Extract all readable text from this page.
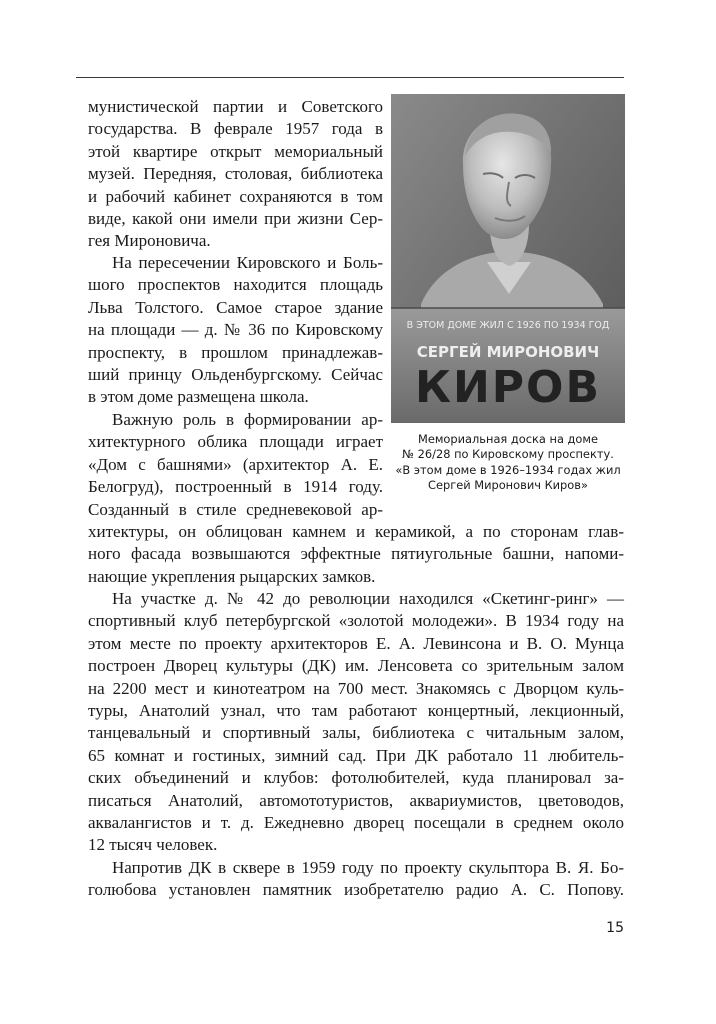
мунистической партии и Советского
государства. В феврале 1957 года в
этой квартире открыт мемориальный
музей. Передняя, столовая, библиотека
и рабочий кабинет сохраняются в том
виде, какой они имели при жизни Сер-
гея Мироновича.
На пересечении Кировского и Боль-
шого проспектов находится площадь
Льва Толстого. Самое старое здание
на площади — д. № 36 по Кировскому
проспекту, в прошлом принадлежав-
ший принцу Ольденбургскому. Сейчас
в этом доме размещена школа.
Важную роль в формировании ар-
хитектурного облика площади играет
«Дом с башнями» (архитектор А. Е.
Белогруд), построенный в 1914 году.
Созданный в стиле средневековой ар-
хитектуры, он облицован камнем и керамикой, а по сторонам глав-
ного фасада возвышаются эффектные пятиугольные башни, напоми-
нающие укрепления рыцарских замков.
На участке д. № 42 до революции находился «Скетинг-ринг» —
спортивный клуб петербургской «золотой молодежи». В 1934 году на
этом месте по проекту архитекторов Е. А. Левинсона и В. О. Мунца
построен Дворец культуры (ДК) им. Ленсовета со зрительным залом
на 2200 мест и кинотеатром на 700 мест. Знакомясь с Дворцом куль-
туры, Анатолий узнал, что там работают концертный, лекционный,
танцевальный и спортивный залы, библиотека с читальным залом,
65 комнат и гостиных, зимний сад. При ДК работало 11 любитель-
ских объединений и клубов: фотолюбителей, куда планировал за-
писаться Анатолий, автомототуристов, аквариумистов, цветоводов,
аквалангистов и т. д. Ежедневно дворец посещали в среднем около
12 тысяч человек.
Напротив ДК в сквере в 1959 году по проекту скульптора В. Я. Бо-
голюбова установлен памятник изобретателю радио А. С. Попову.
В ЭТОМ ДОМЕ ЖИЛ С 1926 ПО 1934 ГОД
СЕРГЕЙ МИРОНОВИЧ
КИРОВ
Мемориальная доска на доме
№ 26/28 по Кировскому проспекту.
«В этом доме в 1926–1934 годах жил
Сергей Миронович Киров»
15
